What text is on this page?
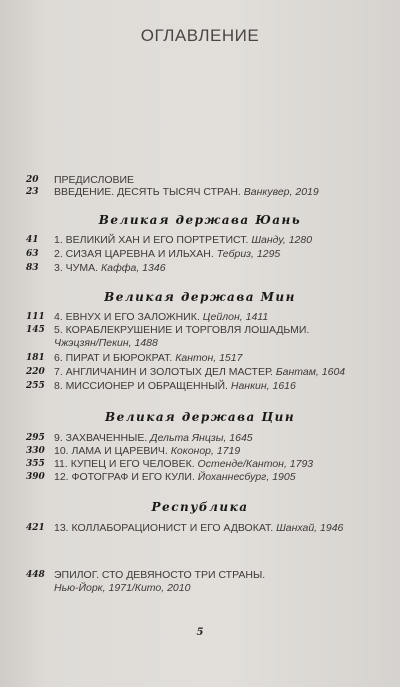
ОГЛАВЛЕНИЕ
20	ПРЕДИСЛОВИЕ
23	ВВЕДЕНИЕ. ДЕСЯТЬ ТЫСЯЧ СТРАН. Ванкувер, 2019
Великая держава Юань
41	1. ВЕЛИКИЙ ХАН И ЕГО ПОРТРЕТИСТ. Шанду, 1280
63	2. СИЗАЯ ЦАРЕВНА И ИЛЬХАН. Тебриз, 1295
83	3. ЧУМА. Каффа, 1346
Великая держава Мин
111 4. ЕВНУХ И ЕГО ЗАЛОЖНИК. Цейлон, 1411
145 5. КОРАБЛЕКРУШЕНИЕ И ТОРГОВЛЯ ЛОШАДЬМИ.
Чжэцзян/Пекин, 1488
181 6. ПИРАТ И БЮРОКРАТ. Кантон, 1517
220 7. АНГЛИЧАНИН И ЗОЛОТЫХ ДЕЛ МАСТЕР. Бантам, 1604
255 8. МИССИОНЕР И ОБРАЩЕННЫЙ. Нанкин, 1616
Великая держава Цин
295 9. ЗАХВАЧЕННЫЕ. Дельта Янцзы, 1645
330 10. ЛАМА И ЦАРЕВИЧ. Коконор, 1719
355 11. КУПЕЦ И ЕГО ЧЕЛОВЕК. Остенде/Кантон, 1793
390 12. ФОТОГРАФ И ЕГО КУЛИ. Йоханнесбург, 1905
Республика
421 13. КОЛЛАБОРАЦИОНИСТ И ЕГО АДВОКАТ. Шанхай, 1946
448 ЭПИЛОГ. СТО ДЕВЯНОСТО ТРИ СТРАНЫ.
Нью-Йорк, 1971/Кито, 2010
5
